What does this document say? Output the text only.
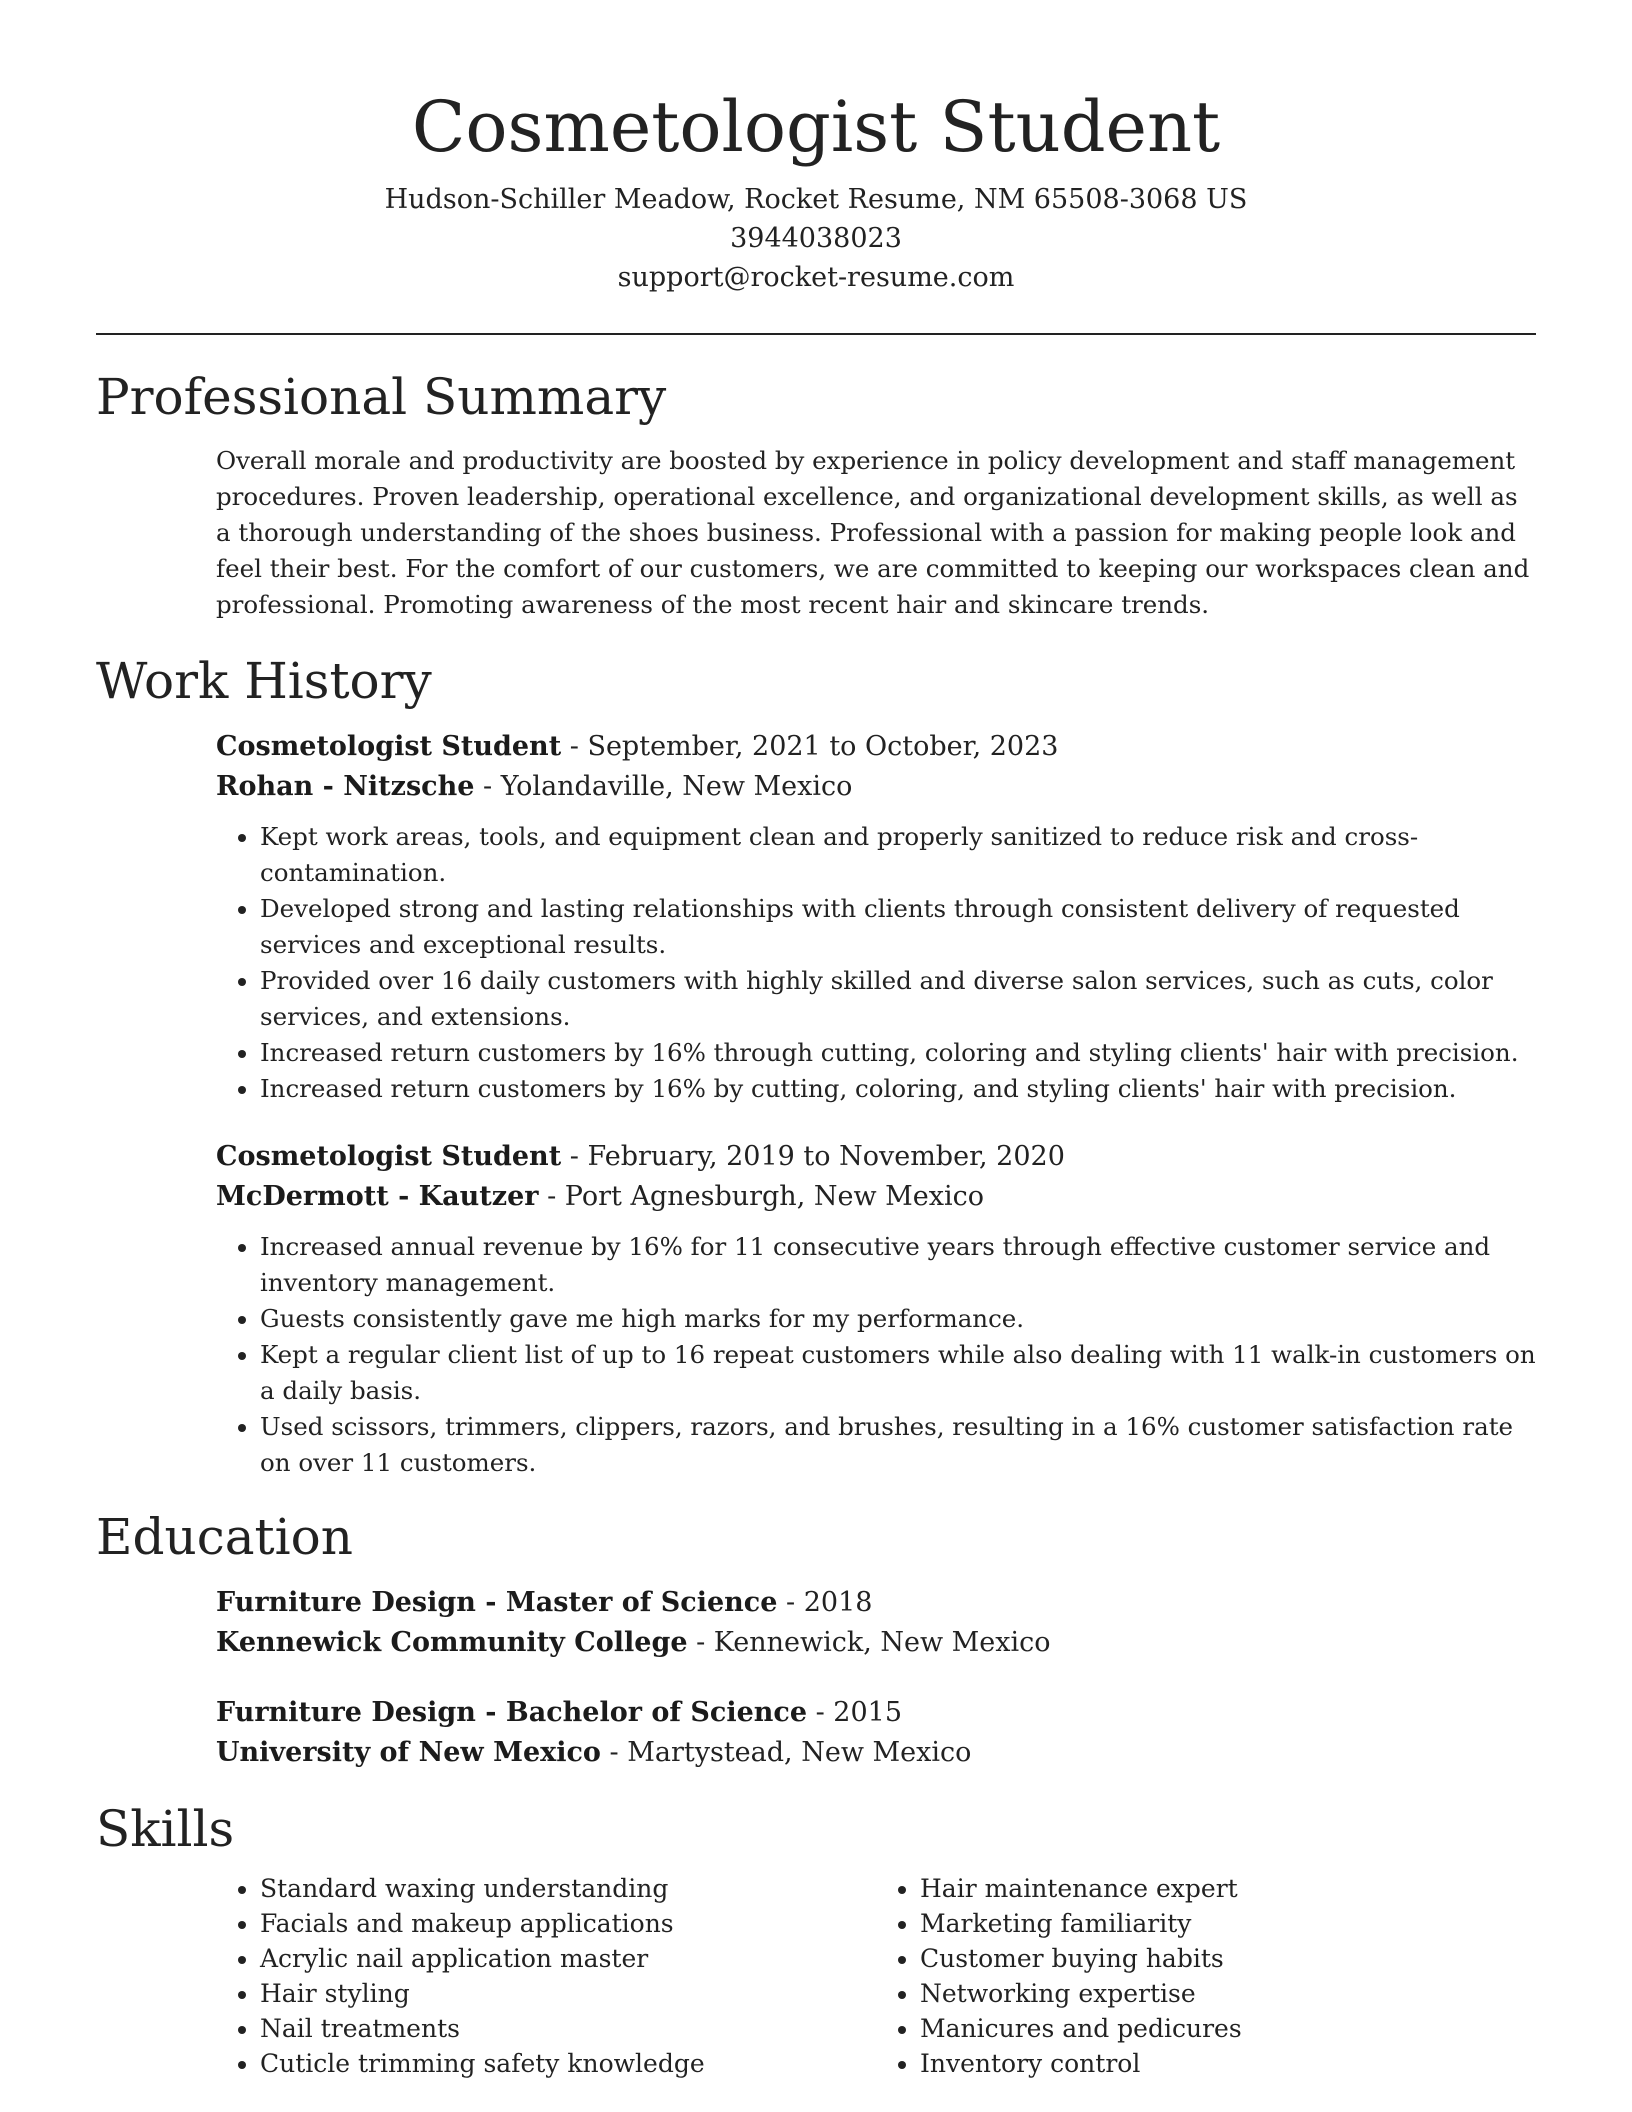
Cosmetologist Student
Hudson-Schiller Meadow, Rocket Resume, NM 65508-3068 US
3944038023
support@rocket-resume.com
Professional Summary

Overall morale and productivity are boosted by experience in policy development and staff management procedures. Proven leadership, operational excellence, and organizational development skills, as well as a thorough understanding of the shoes business. Professional with a passion for making people look and feel their best. For the comfort of our customers, we are committed to keeping our workspaces clean and professional. Promoting awareness of the most recent hair and skincare trends.

Work History
Cosmetologist Student - September, 2021 to October, 2023
Rohan - Nitzsche - Yolandaville, New Mexico
• Kept work areas, tools, and equipment clean and properly sanitized to reduce risk and cross-contamination.
• Developed strong and lasting relationships with clients through consistent delivery of requested services and exceptional results.
• Provided over 16 daily customers with highly skilled and diverse salon services, such as cuts, color services, and extensions.
• Increased return customers by 16% through cutting, coloring and styling clients' hair with precision.
• Increased return customers by 16% by cutting, coloring, and styling clients' hair with precision.
Cosmetologist Student - February, 2019 to November, 2020
McDermott - Kautzer - Port Agnesburgh, New Mexico
• Increased annual revenue by 16% for 11 consecutive years through effective customer service and inventory management.
• Guests consistently gave me high marks for my performance.
• Kept a regular client list of up to 16 repeat customers while also dealing with 11 walk-in customers on a daily basis.
• Used scissors, trimmers, clippers, razors, and brushes, resulting in a 16% customer satisfaction rate on over 11 customers.
Education
Furniture Design - Master of Science - 2018
Kennewick Community College - Kennewick, New Mexico
Furniture Design - Bachelor of Science - 2015
University of New Mexico - Martystead, New Mexico
Skills
• Standard waxing understanding
• Facials and makeup applications
• Acrylic nail application master
• Hair styling
• Nail treatments
• Cuticle trimming safety knowledge
• Hair maintenance expert
• Marketing familiarity
• Customer buying habits
• Networking expertise
• Manicures and pedicures
• Inventory control
